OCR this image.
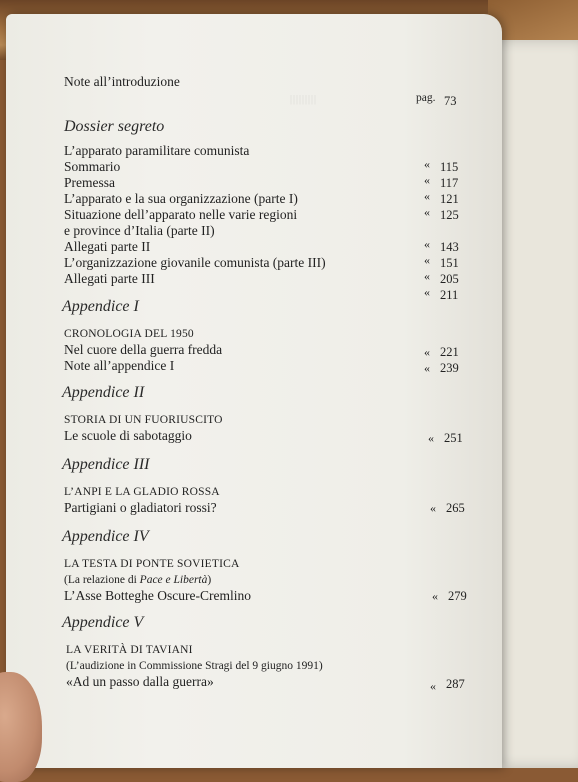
|||||||||
Note all’introduzione
pag. 73
Dossier segreto
L’apparato paramilitare comunista
Sommario	« 115
Premessa	« 117
L’apparato e la sua organizzazione (parte I)	« 121
Situazione dell’apparato nelle varie regioni	« 125
e province d’Italia (parte II)
Allegati parte II	« 143
L’organizzazione giovanile comunista (parte III)	« 151
Allegati parte III	« 205
« 211
Appendice I
CRONOLOGIA DEL 1950
Nel cuore della guerra fredda	« 221
Note all’appendice I	« 239
Appendice II
STORIA DI UN FUORIUSCITO
Le scuole di sabotaggio	« 251
Appendice III
L’ANPI E LA GLADIO ROSSA
Partigiani o gladiatori rossi?	« 265
Appendice IV
LA TESTA DI PONTE SOVIETICA
(La relazione di Pace e Libertà)
L’Asse Botteghe Oscure-Cremlino	« 279
Appendice V
LA VERITÀ DI TAVIANI
(L’audizione in Commissione Stragi del 9 giugno 1991)
«Ad un passo dalla guerra»	« 287
